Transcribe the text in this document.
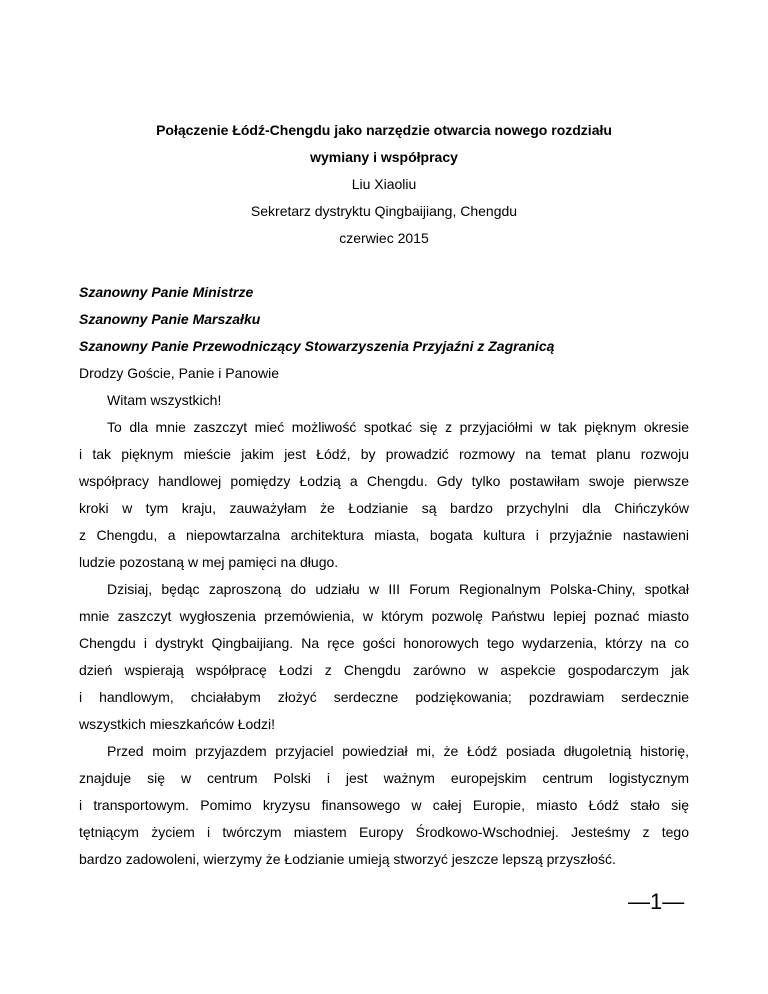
Połączenie Łódź-Chengdu jako narzędzie otwarcia nowego rozdziału
wymiany i współpracy
Liu Xiaoliu
Sekretarz dystryktu Qingbaijiang, Chengdu
czerwiec 2015
Szanowny Panie Ministrze
Szanowny Panie Marszałku
Szanowny Panie Przewodniczący Stowarzyszenia Przyjaźni z Zagranicą
Drodzy Goście, Panie i Panowie
Witam wszystkich!
To dla mnie zaszczyt mieć możliwość spotkać się z przyjaciółmi w tak pięknym okresie
i tak pięknym mieście jakim jest Łódź, by prowadzić rozmowy na temat planu rozwoju
współpracy handlowej pomiędzy Łodzią a Chengdu. Gdy tylko postawiłam swoje pierwsze
kroki w tym kraju, zauważyłam że Łodzianie są bardzo przychylni dla Chińczyków
z Chengdu, a niepowtarzalna architektura miasta, bogata kultura i przyjaźnie nastawieni
ludzie pozostaną w mej pamięci na długo.
Dzisiaj, będąc zaproszoną do udziału w III Forum Regionalnym Polska-Chiny, spotkał
mnie zaszczyt wygłoszenia przemówienia, w którym pozwolę Państwu lepiej poznać miasto
Chengdu i dystrykt Qingbaijiang. Na ręce gości honorowych tego wydarzenia, którzy na co
dzień wspierają współpracę Łodzi z Chengdu zarówno w aspekcie gospodarczym jak
i handlowym, chciałabym złożyć serdeczne podziękowania; pozdrawiam serdecznie
wszystkich mieszkańców Łodzi!
Przed moim przyjazdem przyjaciel powiedział mi, że Łódź posiada długoletnią historię,
znajduje się w centrum Polski i jest ważnym europejskim centrum logistycznym
i transportowym. Pomimo kryzysu finansowego w całej Europie, miasto Łódź stało się
tętniącym życiem i twórczym miastem Europy Środkowo-Wschodniej. Jesteśmy z tego
bardzo zadowoleni, wierzymy że Łodzianie umieją stworzyć jeszcze lepszą przyszłość.
—1—
